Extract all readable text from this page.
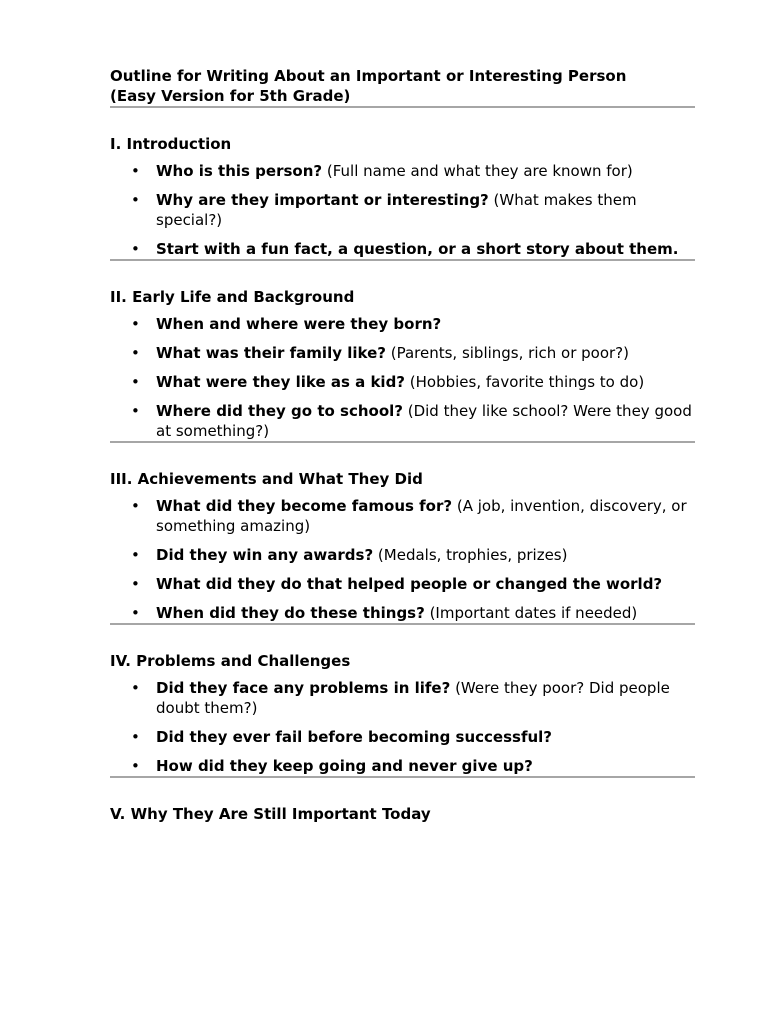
Outline for Writing About an Important or Interesting Person
(Easy Version for 5th Grade)
I. Introduction
• Who is this person? (Full name and what they are known for)
• Why are they important or interesting? (What makes them special?)
• Start with a fun fact, a question, or a short story about them.
II. Early Life and Background
• When and where were they born?
• What was their family like? (Parents, siblings, rich or poor?)
• What were they like as a kid? (Hobbies, favorite things to do)
• Where did they go to school? (Did they like school? Were they good at something?)
III. Achievements and What They Did
• What did they become famous for? (A job, invention, discovery, or something amazing)
• Did they win any awards? (Medals, trophies, prizes)
• What did they do that helped people or changed the world?
• When did they do these things? (Important dates if needed)
IV. Problems and Challenges
• Did they face any problems in life? (Were they poor? Did people doubt them?)
• Did they ever fail before becoming successful?
• How did they keep going and never give up?
V. Why They Are Still Important Today
